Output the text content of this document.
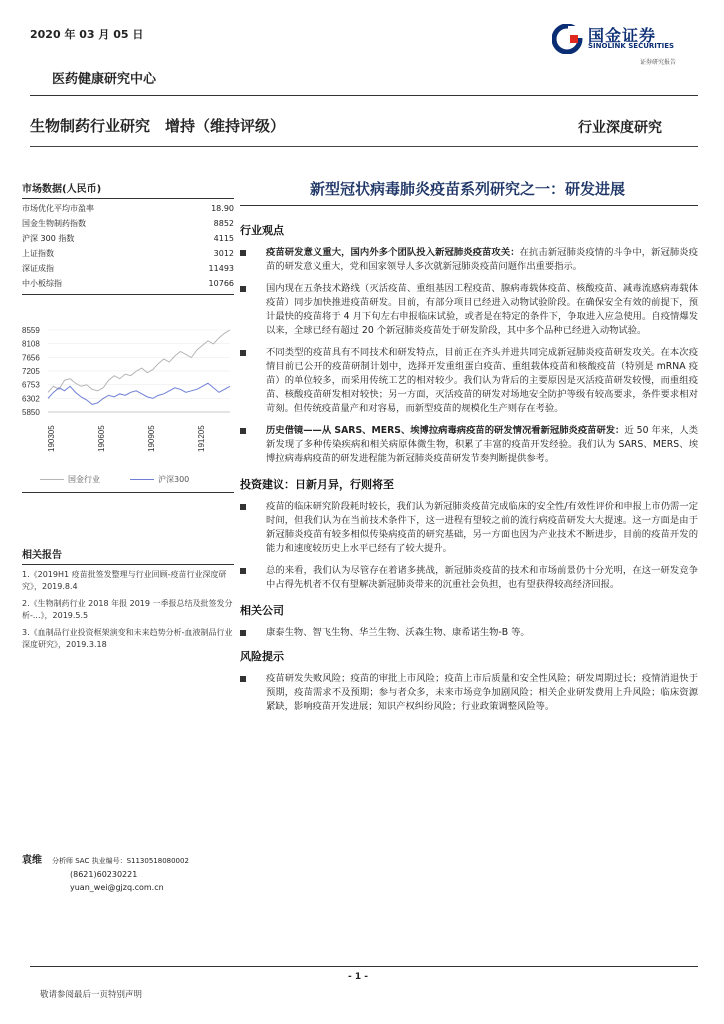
2020 年 03 月 05 日	国金证券
SINOLINK SECURITIES
证券研究报告
医药健康研究中心
生物制药行业研究　增持（维持评级）	行业深度研究
市场数据(人民币)
市场优化平均市盈率	18.90
国金生物制药指数	8852
沪深 300 指数	4115
上证指数	3012
深证成指	11493
中小板综指	10766
8559
8108
7656
7205
6753
6302
5850
190305	190605	190905	191205
国金行业	沪深300
相关报告
1.《2019H1 疫苗批签发整理与行业回顾-疫苗行业深度研究》，2019.8.4
2.《生物制药行业 2018 年报 2019 一季报总结及批签发分析-...》，2019.5.5
3.《血制品行业投资框架演变和未来趋势分析-血液制品行业深度研究》，2019.3.18
袁维 分析师 SAC 执业编号：S1130518080002
(8621)60230221
yuan_wei@gjzq.com.cn
新型冠状病毒肺炎疫苗系列研究之一：研发进展
行业观点
疫苗研发意义重大，国内外多个团队投入新冠肺炎疫苗攻关：在抗击新冠肺炎疫情的斗争中，新冠肺炎疫苗的研发意义重大，党和国家领导人多次就新冠肺炎疫苗问题作出重要指示。
国内现在五条技术路线（灭活疫苗、重组基因工程疫苗、腺病毒载体疫苗、核酸疫苗、减毒流感病毒载体疫苗）同步加快推进疫苗研发。目前，有部分项目已经进入动物试验阶段。在确保安全有效的前提下，预计最快的疫苗将于 4 月下旬左右申报临床试验，或者是在特定的条件下，争取进入应急使用。自疫情爆发以来，全球已经有超过 20 个新冠肺炎疫苗处于研发阶段，其中多个品种已经进入动物试验。
不同类型的疫苗具有不同技术和研发特点，目前正在齐头并进共同完成新冠肺炎疫苗研发攻关。在本次疫情目前已公开的疫苗研制计划中，选择开发重组蛋白疫苗、重组载体疫苗和核酸疫苗（特别是 mRNA 疫苗）的单位较多，而采用传统工艺的相对较少。我们认为背后的主要原因是灭活疫苗研发较慢，而重组疫苗、核酸疫苗研发相对较快；另一方面，灭活疫苗的研发对场地安全防护等级有较高要求，条件要求相对苛刻。但传统疫苗量产和对容易，而新型疫苗的规模化生产则存在考验。
历史借镜——从 SARS、MERS、埃博拉病毒病疫苗的研发情况看新冠肺炎疫苗研发：近 50 年来，人类新发现了多种传染疾病和相关病原体微生物，积累了丰富的疫苗开发经验。我们认为 SARS、MERS、埃博拉病毒病疫苗的研发进程能为新冠肺炎疫苗研发节奏判断提供参考。
投资建议：日新月异，行则将至
疫苗的临床研究阶段耗时较长，我们认为新冠肺炎疫苗完成临床的安全性/有效性评价和申报上市仍需一定时间，但我们认为在当前技术条件下，这一进程有望较之前的流行病疫苗研发大大提速。这一方面是由于新冠肺炎疫苗有较多相似传染病疫苗的研究基础，另一方面也因为产业技术不断进步，目前的疫苗开发的能力和速度较历史上水平已经有了较大提升。
总的来看，我们认为尽管存在着诸多挑战，新冠肺炎疫苗的技术和市场前景仍十分光明，在这一研发竞争中占得先机者不仅有望解决新冠肺炎带来的沉重社会负担，也有望获得较高经济回报。
相关公司
康泰生物、智飞生物、华兰生物、沃森生物、康希诺生物-B 等。
风险提示
疫苗研发失败风险；疫苗的审批上市风险；疫苗上市后质量和安全性风险；研发周期过长；疫情消退快于预期，疫苗需求不及预期；参与者众多，未来市场竞争加剧风险；相关企业研发费用上升风险；临床资源紧缺，影响疫苗开发进展；知识产权纠纷风险；行业政策调整风险等。
- 1 -
敬请参阅最后一页特别声明
